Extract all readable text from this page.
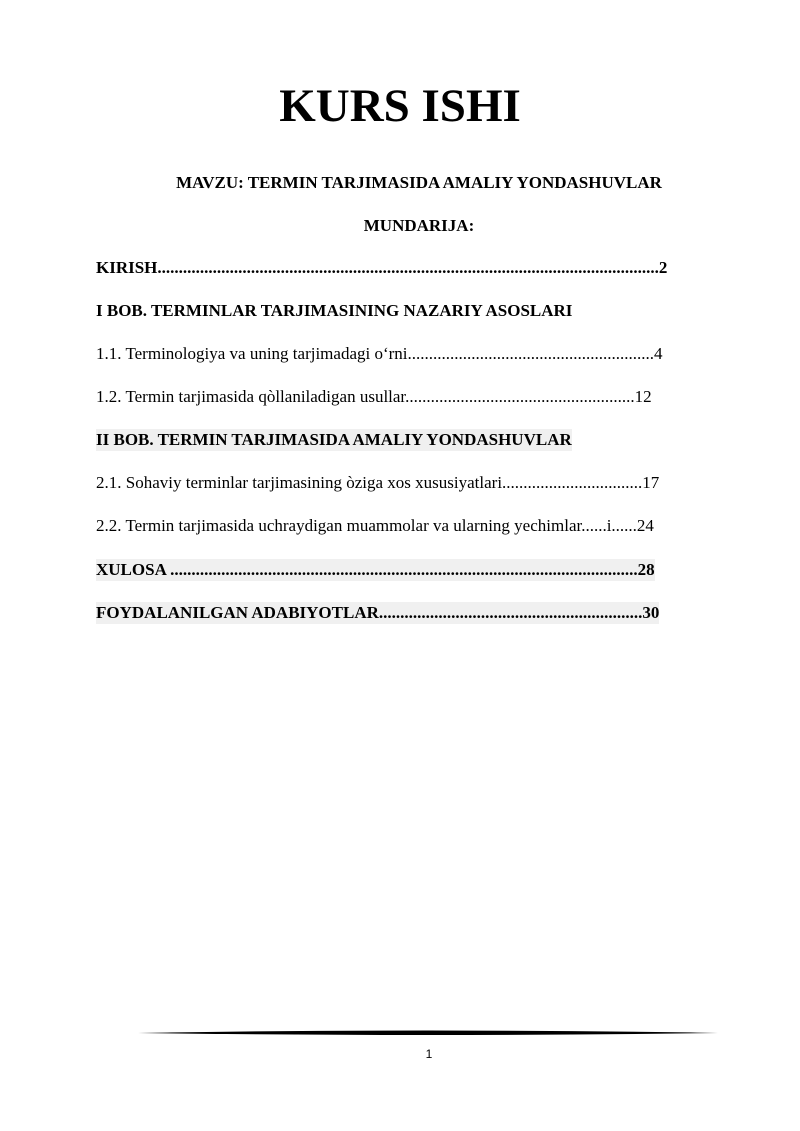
KURS ISHI
MAVZU: TERMIN TARJIMASIDA AMALIY YONDASHUVLAR
MUNDARIJA:
KIRISH......................................................................................................................2
I BOB. TERMINLAR TARJIMASINING NAZARIY ASOSLARI
1.1. Terminologiya va uning tarjimadagi o‘rni..........................................................4
1.2. Termin tarjimasida qòllaniladigan usullar......................................................12
II BOB. TERMIN TARJIMASIDA AMALIY YONDASHUVLAR
2.1. Sohaviy terminlar tarjimasining òziga xos xususiyatlari.................................17
2.2. Termin tarjimasida uchraydigan muammolar va ularning yechimlar......i......24
XULOSA ..............................................................................................................28
FOYDALANILGAN ADABIYOTLAR..............................................................30
1
